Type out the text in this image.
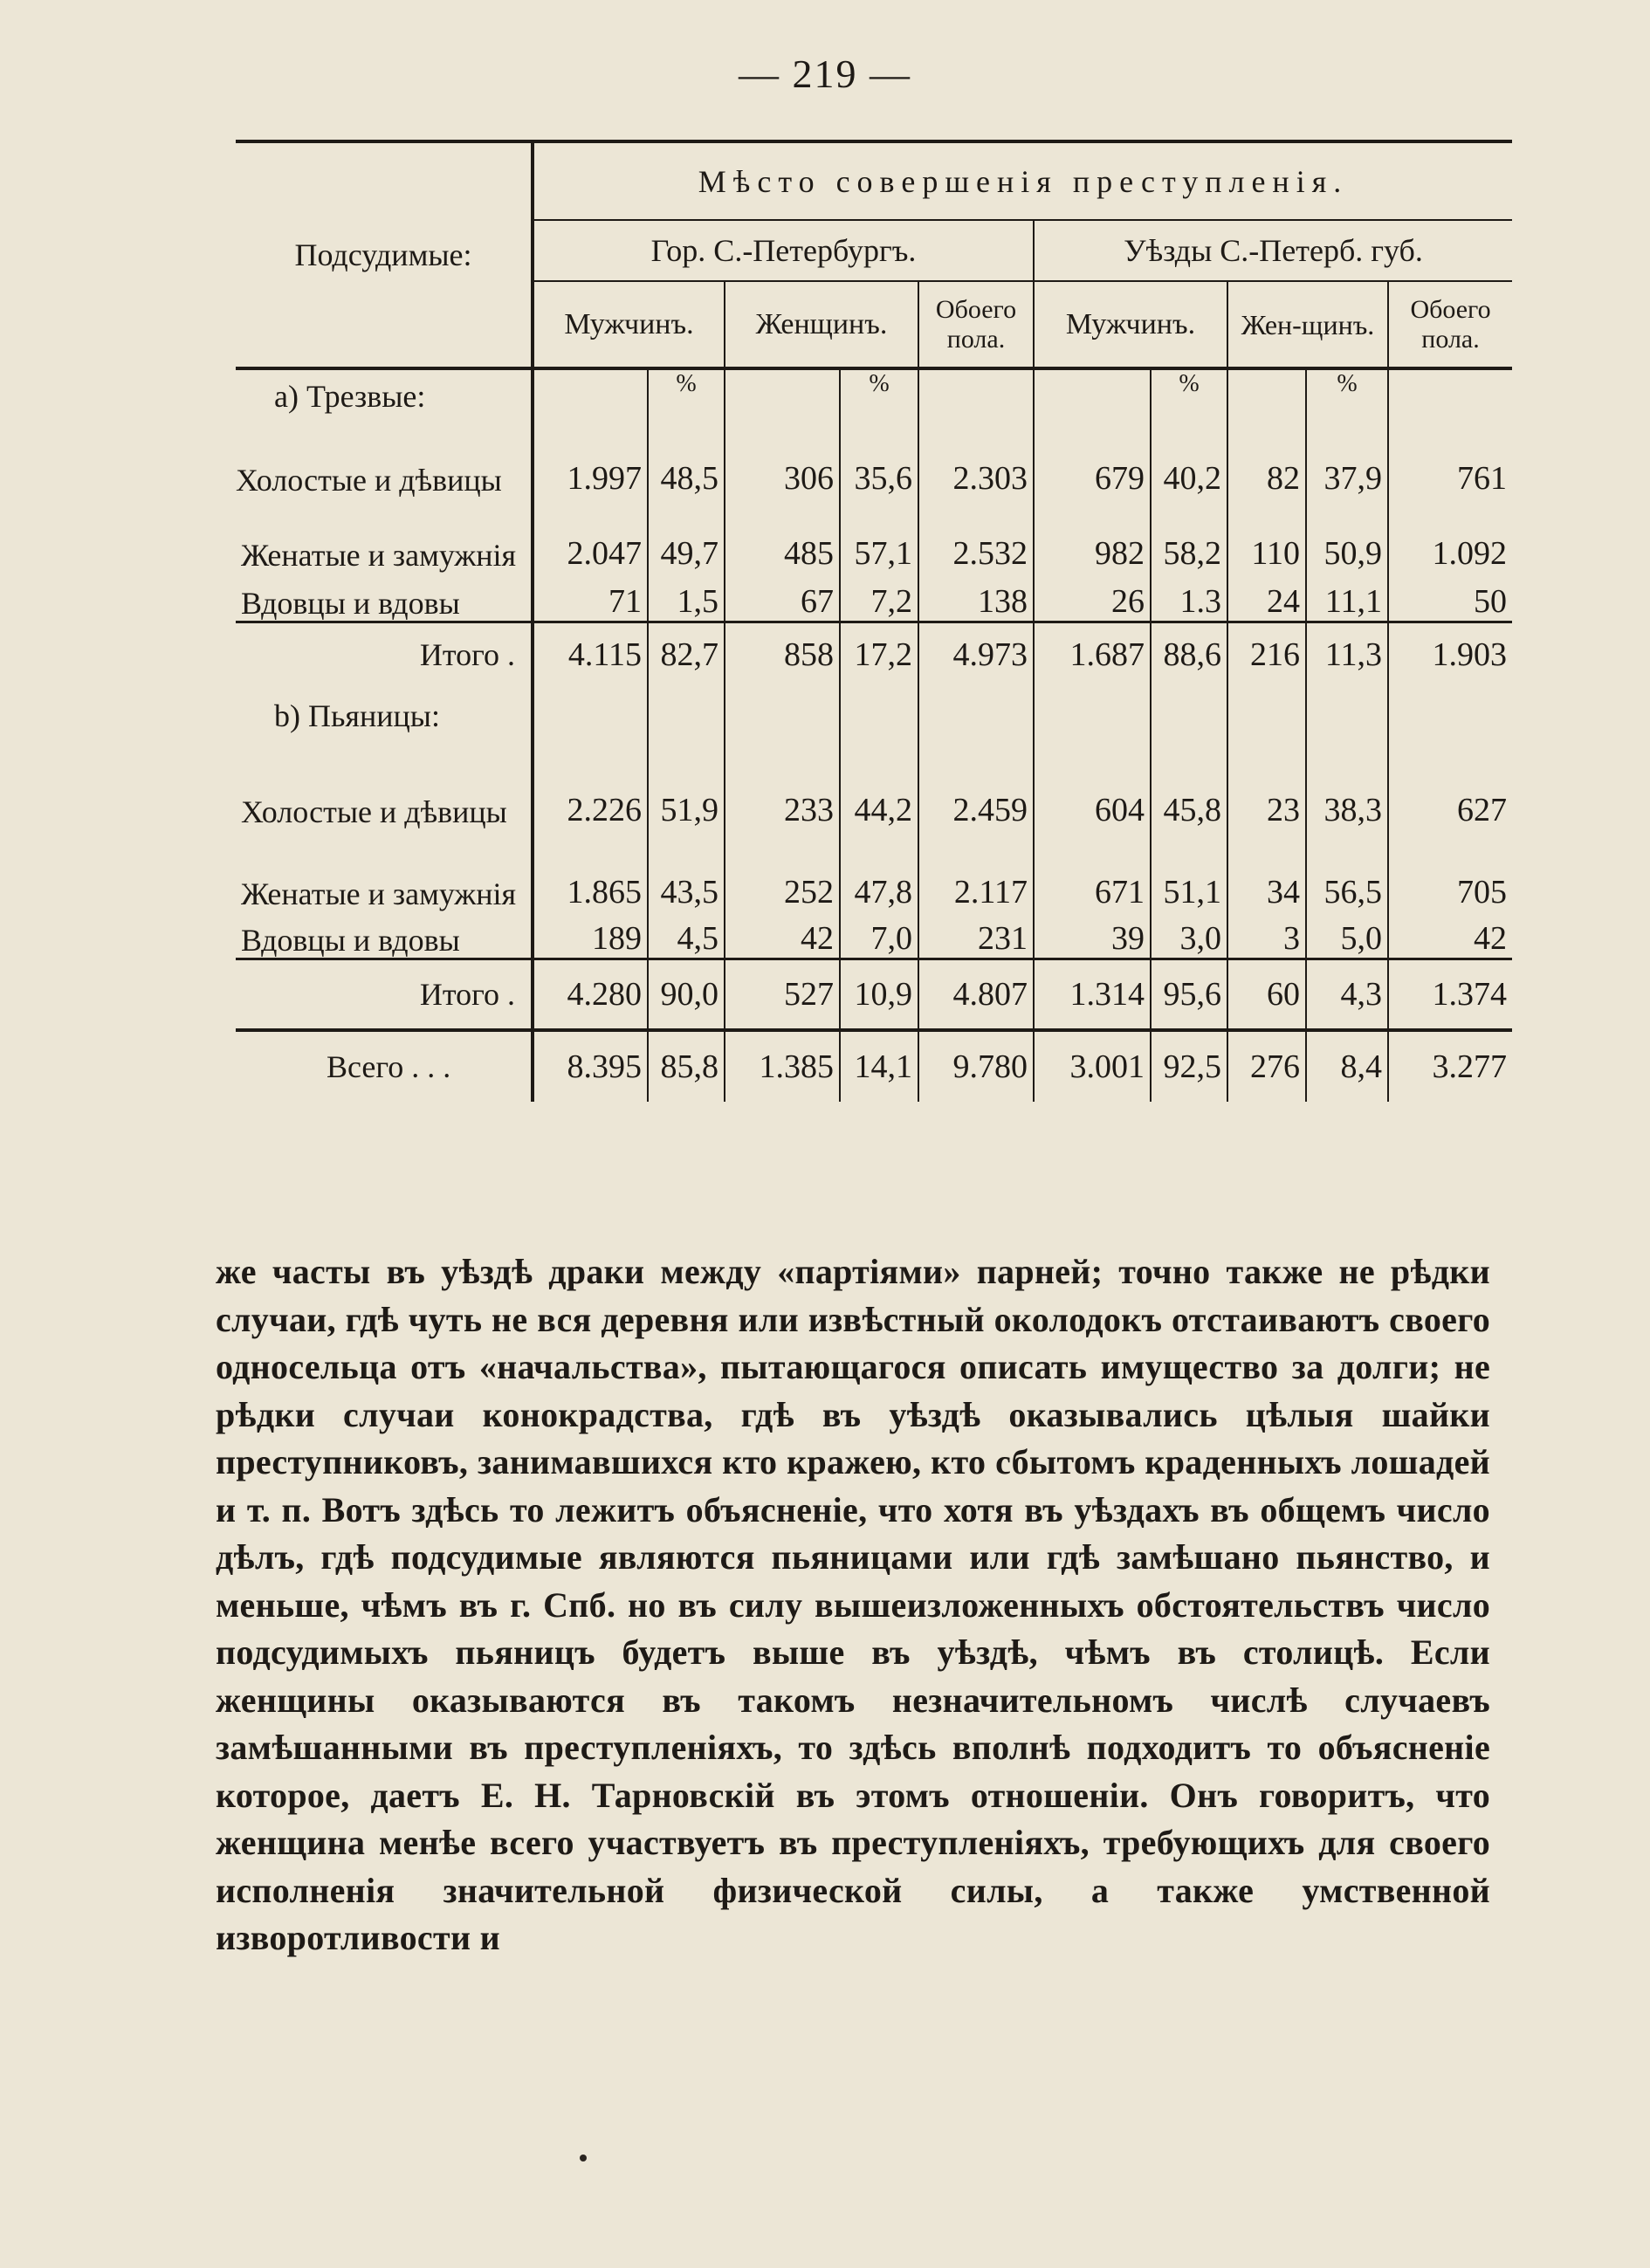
— 219 —
Подсудимые:	Мѣсто совершенія преступленія.									
	Гор. С.-Петербургъ.					Уѣзды С.-Петерб. губ.				
	Мужчинъ.		Женщинъ.		Обоего пола.	Мужчинъ.		Жен-щинъ.		Обоего пола.
a) Трезвые:		%		%			%		%	
Холостые и дѣвицы	1.997	48,5	306	35,6	2.303	679	40,2	82	37,9	761
Женатые и замужнія	2.047	49,7	485	57,1	2.532	982	58,2	110	50,9	1.092
Вдовцы и вдовы	71	1,5	67	7,2	138	26	1.3	24	11,1	50
Итого .	4.115	82,7	858	17,2	4.973	1.687	88,6	216	11,3	1.903
b) Пьяницы:										
Холостые и дѣвицы	2.226	51,9	233	44,2	2.459	604	45,8	23	38,3	627
Женатые и замужнія	1.865	43,5	252	47,8	2.117	671	51,1	34	56,5	705
Вдовцы и вдовы	189	4,5	42	7,0	231	39	3,0	3	5,0	42
Итого .	4.280	90,0	527	10,9	4.807	1.314	95,6	60	4,3	1.374
Всего . . .	8.395	85,8	1.385	14,1	9.780	3.001	92,5	276	8,4	3.277

же часты въ уѣздѣ драки между «партіями» парней; точно также не рѣдки случаи, гдѣ чуть не вся деревня или извѣстный околодокъ отстаиваютъ своего односельца отъ «начальства», пытающагося описать имущество за долги; не рѣдки случаи конокрадства, гдѣ въ уѣздѣ оказывались цѣлыя шайки преступниковъ, занимавшихся кто кражею, кто сбытомъ краденныхъ лошадей и т. п. Вотъ здѣсь то лежитъ объясненіе, что хотя въ уѣздахъ въ общемъ число дѣлъ, гдѣ подсудимые являются пьяницами или гдѣ замѣшано пьянство, и меньше, чѣмъ въ г. Спб. но въ силу вышеизложенныхъ обстоятельствъ число подсудимыхъ пьяницъ будетъ выше въ уѣздѣ, чѣмъ въ столицѣ. Если женщины оказываются въ такомъ незначительномъ числѣ случаевъ замѣшанными въ преступленіяхъ, то здѣсь вполнѣ подходитъ то объясненіе которое, даетъ Е. Н. Тарновскій въ этомъ отношеніи. Онъ говоритъ, что женщина менѣе всего участвуетъ въ преступленіяхъ, требующихъ для своего исполненія значительной физической силы, а также умственной изворотливости и
